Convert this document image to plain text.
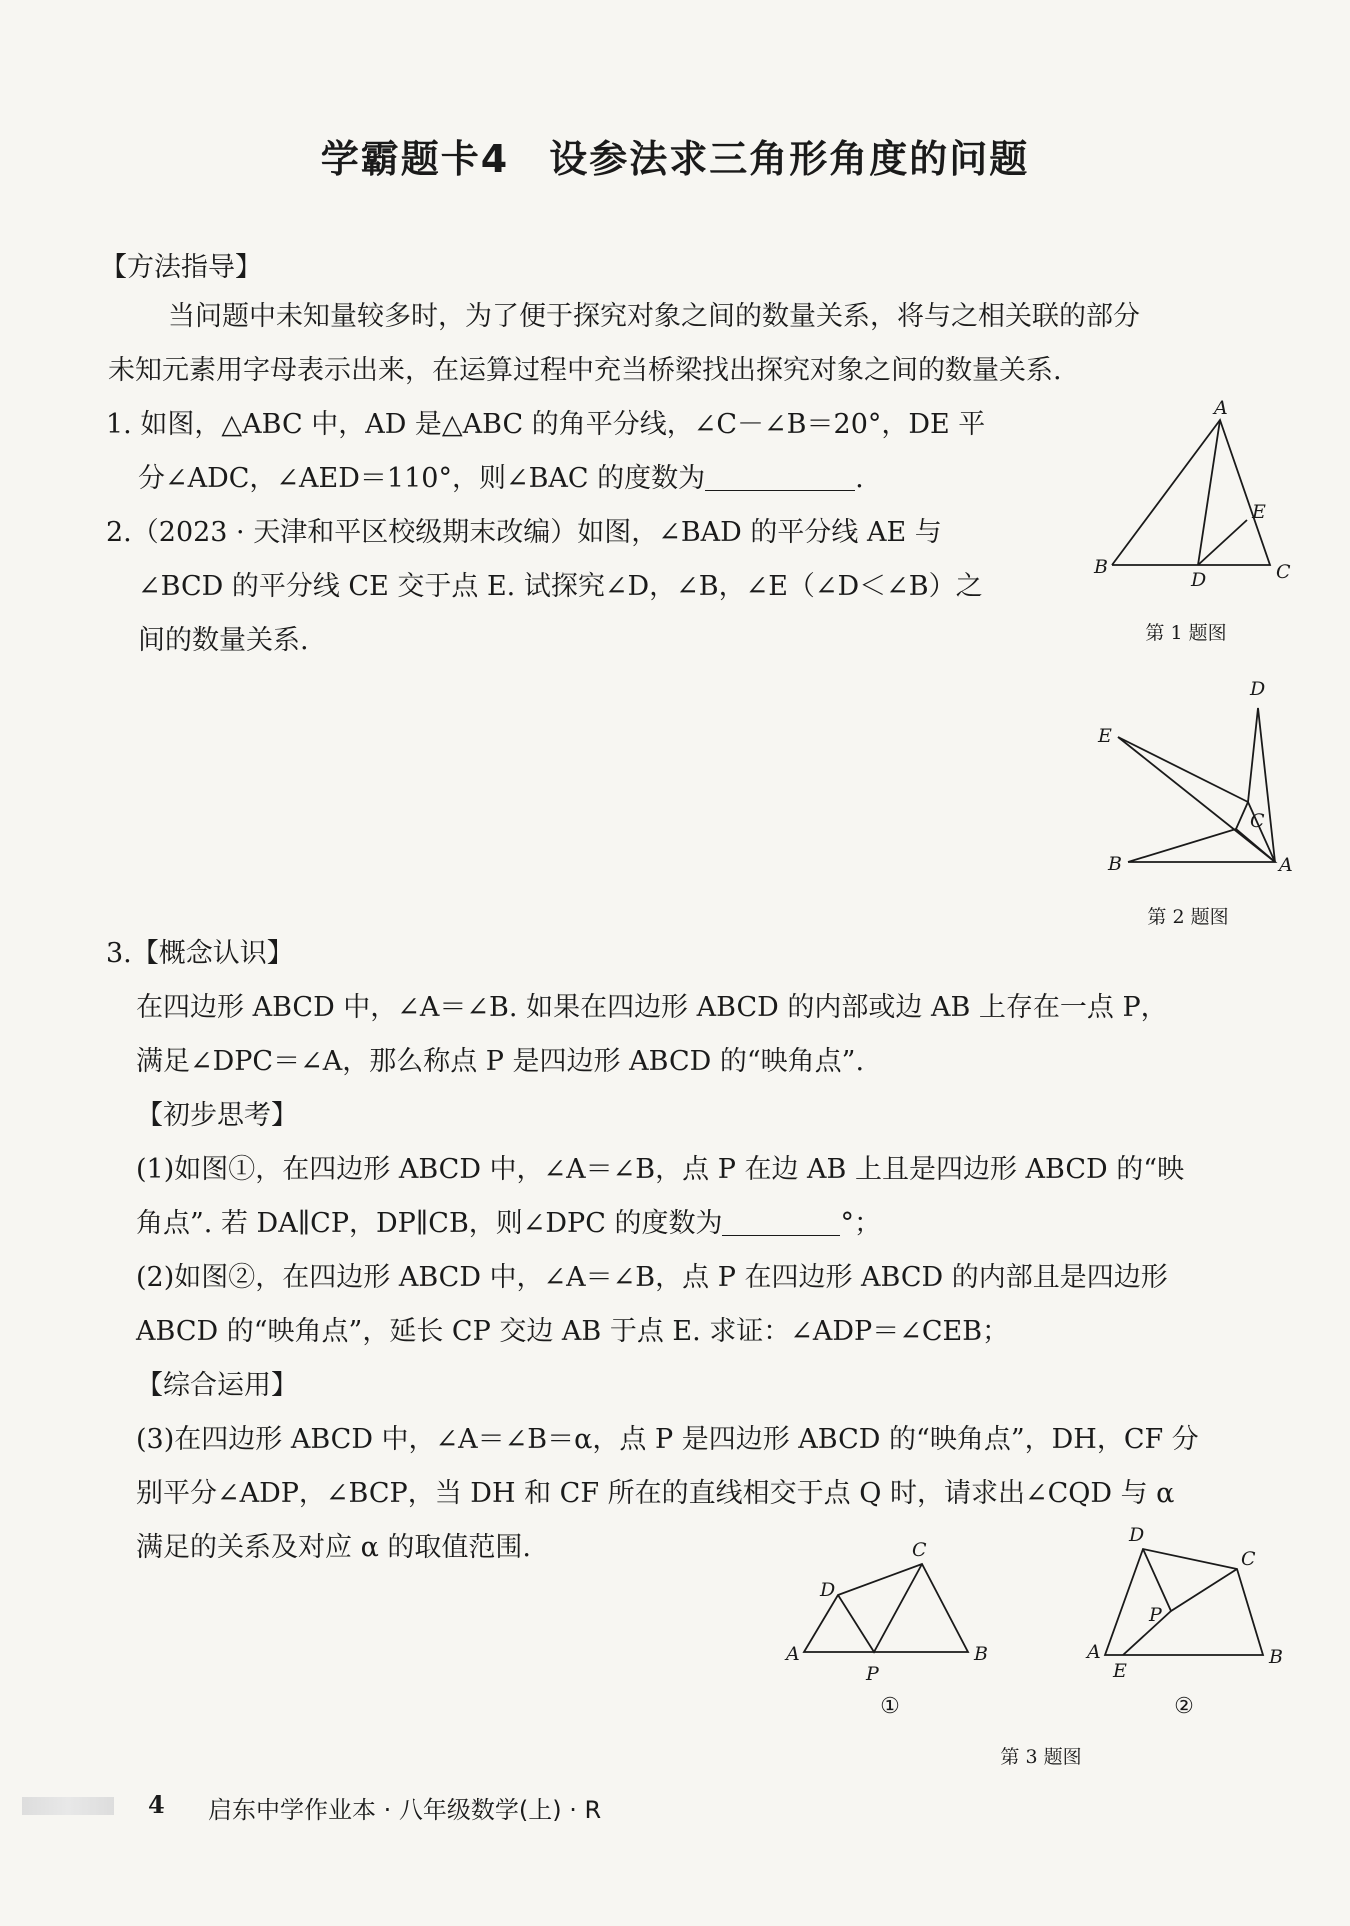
学霸题卡4　设参法求三角形角度的问题
【方法指导】
当问题中未知量较多时，为了便于探究对象之间的数量关系，将与之相关联的部分
未知元素用字母表示出来，在运算过程中充当桥梁找出探究对象之间的数量关系.
1. 如图，△ABC 中，AD 是△ABC 的角平分线，∠C－∠B＝20°，DE 平
分∠ADC，∠AED＝110°，则∠BAC 的度数为	.
2.（2023 · 天津和平区校级期末改编）如图，∠BAD 的平分线 AE 与
∠BCD 的平分线 CE 交于点 E. 试探究∠D，∠B，∠E（∠D＜∠B）之
间的数量关系.
A
B	C
D
E
第 1 题图
D
E
C
B	A
第 2 题图
3.【概念认识】
在四边形 ABCD 中，∠A＝∠B. 如果在四边形 ABCD 的内部或边 AB 上存在一点 P，
满足∠DPC＝∠A，那么称点 P 是四边形 ABCD 的“映角点”.
【初步思考】
(1)如图①，在四边形 ABCD 中，∠A＝∠B，点 P 在边 AB 上且是四边形 ABCD 的“映
角点”. 若 DA∥CP，DP∥CB，则∠DPC 的度数为	°；
(2)如图②，在四边形 ABCD 中，∠A＝∠B，点 P 在四边形 ABCD 的内部且是四边形
ABCD 的“映角点”，延长 CP 交边 AB 于点 E. 求证：∠ADP＝∠CEB；
【综合运用】
(3)在四边形 ABCD 中，∠A＝∠B＝α，点 P 是四边形 ABCD 的“映角点”，DH，CF 分
别平分∠ADP，∠BCP，当 DH 和 CF 所在的直线相交于点 Q 时，请求出∠CQD 与 α
满足的关系及对应 α 的取值范围.	C
D
A	B
P
①
D
C
P
A	B
E
②
第 3 题图
4 启东中学作业本 · 八年级数学(上) · R
